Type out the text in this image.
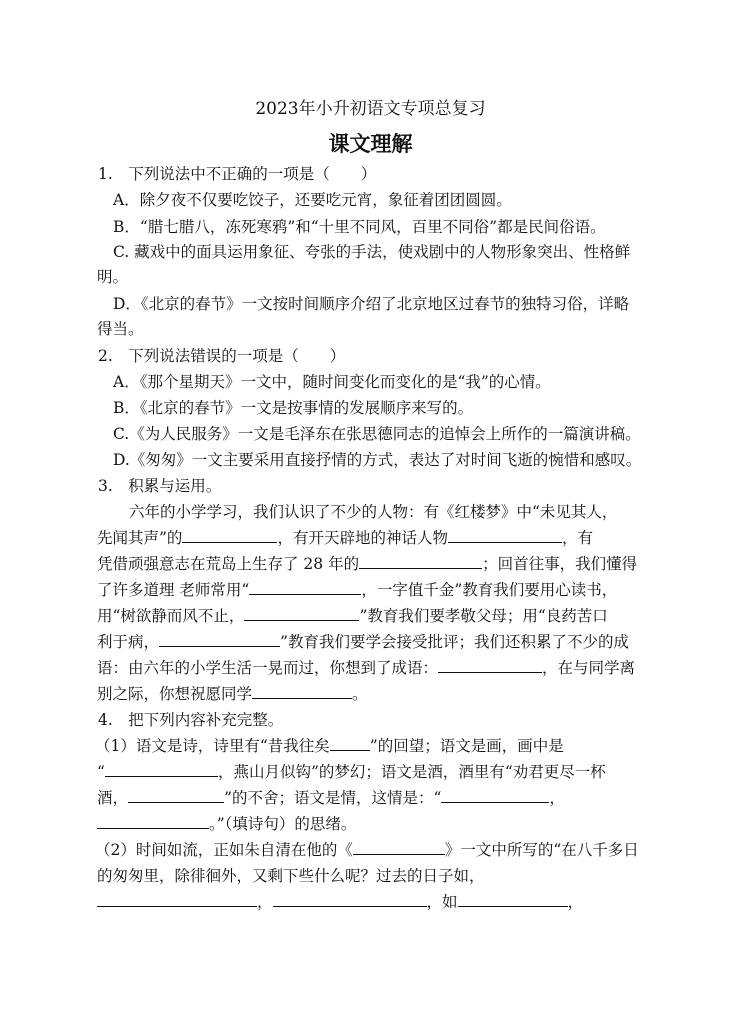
2023年小升初语文专项总复习
课文理解
1.　下列说法中不正确的一项是（　　）
A．除夕夜不仅要吃饺子，还要吃元宵，象征着团团圆圆。
B．“腊七腊八，冻死寒鸦”和“十里不同风，百里不同俗”都是民间俗语。
C. 藏戏中的面具运用象征、夸张的手法，使戏剧中的人物形象突出、性格鲜
明。
D．《北京的春节》一文按时间顺序介绍了北京地区过春节的独特习俗，详略
得当。
2.　下列说法错误的一项是（　　）
A．《那个星期天》一文中，随时间变化而变化的是“我”的心情。
B．《北京的春节》一文是按事情的发展顺序来写的。
C.《为人民服务》一文是毛泽东在张思德同志的追悼会上所作的一篇演讲稿。
D.《匆匆》一文主要采用直接抒情的方式，表达了对时间飞逝的惋惜和感叹。
3.　积累与运用。
六年的小学学习，我们认识了不少的人物：有《红楼梦》中“未见其人，
先闻其声”的	，有开天辟地的神话人物	，有
凭借顽强意志在荒岛上生存了 28 年的	；回首往事，我们懂得
了许多道理 老师常用“	，一字值千金”教育我们要用心读书，
用“树欲静而风不止，	”教育我们要孝敬父母；用“良药苦口
利于病，	”教育我们要学会接受批评；我们还积累了不少的成
语：由六年的小学生活一晃而过，你想到了成语：	，在与同学离
别之际，你想祝愿同学	。
4.　把下列内容补充完整。
（1）语文是诗，诗里有“昔我往矣	”的回望；语文是画，画中是
“	，燕山月似钩”的梦幻；语文是酒，酒里有“劝君更尽一杯
酒，	”的不舍；语文是情，这情是：“	，
。”（填诗句）的思绪。
（2）时间如流，正如朱自清在他的《	》一文中所写的“在八千多日
的匆匆里，除徘徊外，又剩下些什么呢？过去的日子如，
，	，如	，
